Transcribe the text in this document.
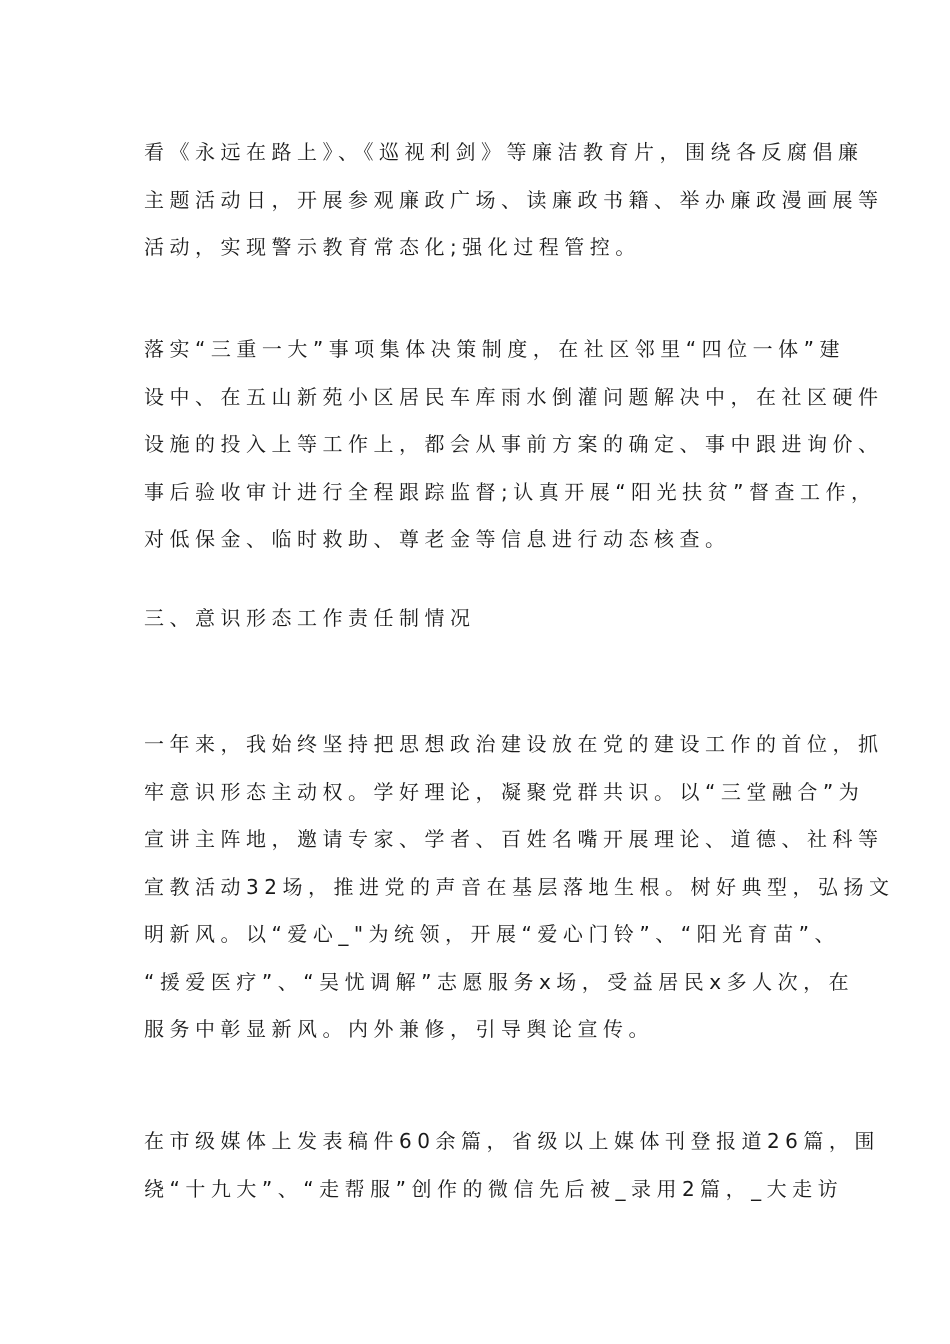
看《永远在路上》、《巡视利剑》等廉洁教育片，围绕各反腐倡廉
主题活动日，开展参观廉政广场、读廉政书籍、举办廉政漫画展等
活动，实现警示教育常态化;强化过程管控。
落实“三重一大”事项集体决策制度，在社区邻里“四位一体”建
设中、在五山新苑小区居民车库雨水倒灌问题解决中，在社区硬件
设施的投入上等工作上，都会从事前方案的确定、事中跟进询价、
事后验收审计进行全程跟踪监督;认真开展“阳光扶贫”督查工作，
对低保金、临时救助、尊老金等信息进行动态核查。
三、意识形态工作责任制情况
一年来，我始终坚持把思想政治建设放在党的建设工作的首位，抓
牢意识形态主动权。学好理论，凝聚党群共识。以“三堂融合”为
宣讲主阵地，邀请专家、学者、百姓名嘴开展理论、道德、社科等
宣教活动32场，推进党的声音在基层落地生根。树好典型，弘扬文
明新风。以“爱心_"为统领，开展“爱心门铃”、“阳光育苗”、
“援爱医疗”、“吴忧调解”志愿服务x场，受益居民x多人次，在
服务中彰显新风。内外兼修，引导舆论宣传。
在市级媒体上发表稿件60余篇，省级以上媒体刊登报道26篇，围
绕“十九大”、“走帮服”创作的微信先后被_录用2篇，_大走访
